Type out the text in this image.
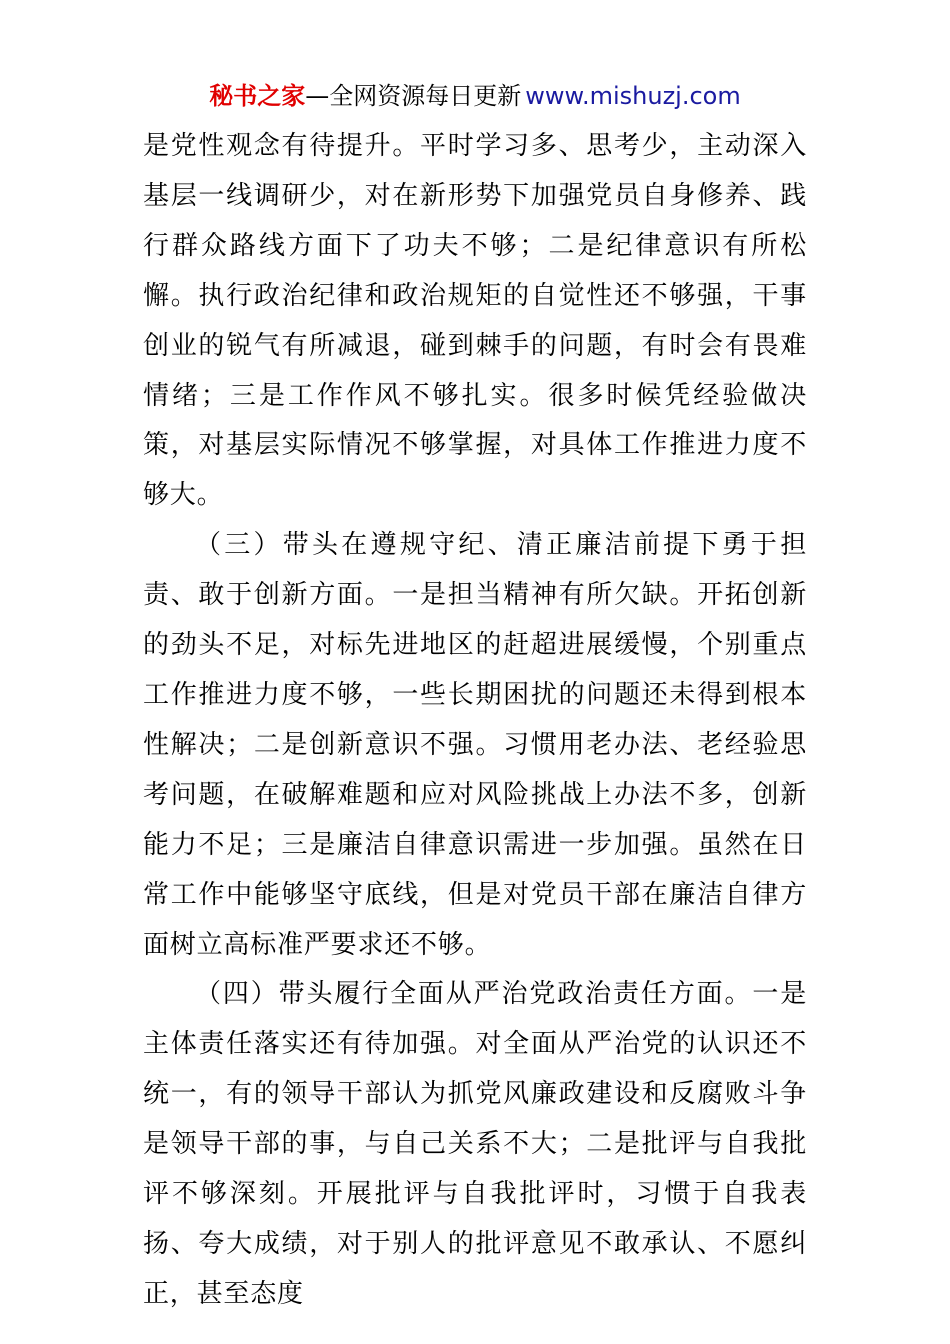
秘书之家—全网资源每日更新 www.mishuzj.com

是党性观念有待提升。平时学习多、思考少，主动深入基层一线调研少，对在新形势下加强党员自身修养、践行群众路线方面下了功夫不够；二是纪律意识有所松懈。执行政治纪律和政治规矩的自觉性还不够强，干事创业的锐气有所减退，碰到棘手的问题，有时会有畏难情绪；三是工作作风不够扎实。很多时候凭经验做决策，对基层实际情况不够掌握，对具体工作推进力度不够大。

（三）带头在遵规守纪、清正廉洁前提下勇于担责、敢于创新方面。一是担当精神有所欠缺。开拓创新的劲头不足，对标先进地区的赶超进展缓慢，个别重点工作推进力度不够，一些长期困扰的问题还未得到根本性解决；二是创新意识不强。习惯用老办法、老经验思考问题，在破解难题和应对风险挑战上办法不多，创新能力不足；三是廉洁自律意识需进一步加强。虽然在日常工作中能够坚守底线，但是对党员干部在廉洁自律方面树立高标准严要求还不够。

（四）带头履行全面从严治党政治责任方面。一是主体责任落实还有待加强。对全面从严治党的认识还不统一，有的领导干部认为抓党风廉政建设和反腐败斗争是领导干部的事，与自己关系不大；二是批评与自我批评不够深刻。开展批评与自我批评时，习惯于自我表扬、夸大成绩，对于别人的批评意见不敢承认、不愿纠正，甚至态度
